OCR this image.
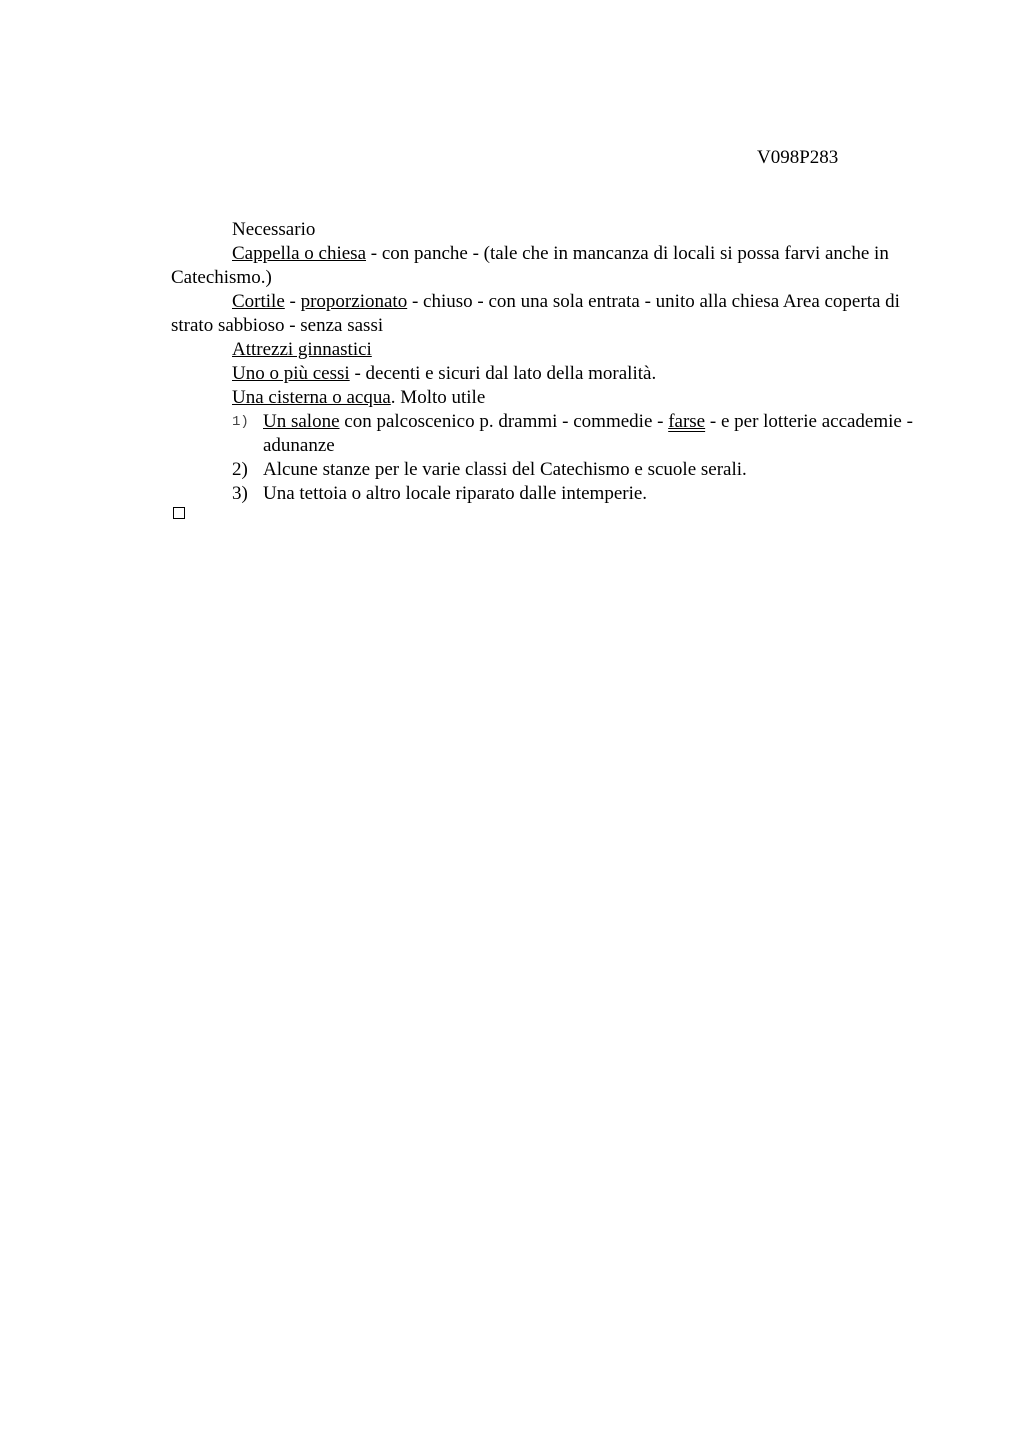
V098P283

Necessario

Cappella o chiesa - con panche - (tale che in mancanza di locali si possa farvi anche in Catechismo.)

Cortile - proporzionato - chiuso - con una sola entrata - unito alla chiesa Area coperta di strato sabbioso - senza sassi

Attrezzi ginnastici

Uno o più cessi - decenti e sicuri dal lato della moralità.

Una cisterna o acqua. Molto utile

1) Un salone con palcoscenico p. drammi - commedie - farse - e per lotterie accademie - adunanze
2) Alcune stanze per le varie classi del Catechismo e scuole serali.
3) Una tettoia o altro locale riparato dalle intemperie.
